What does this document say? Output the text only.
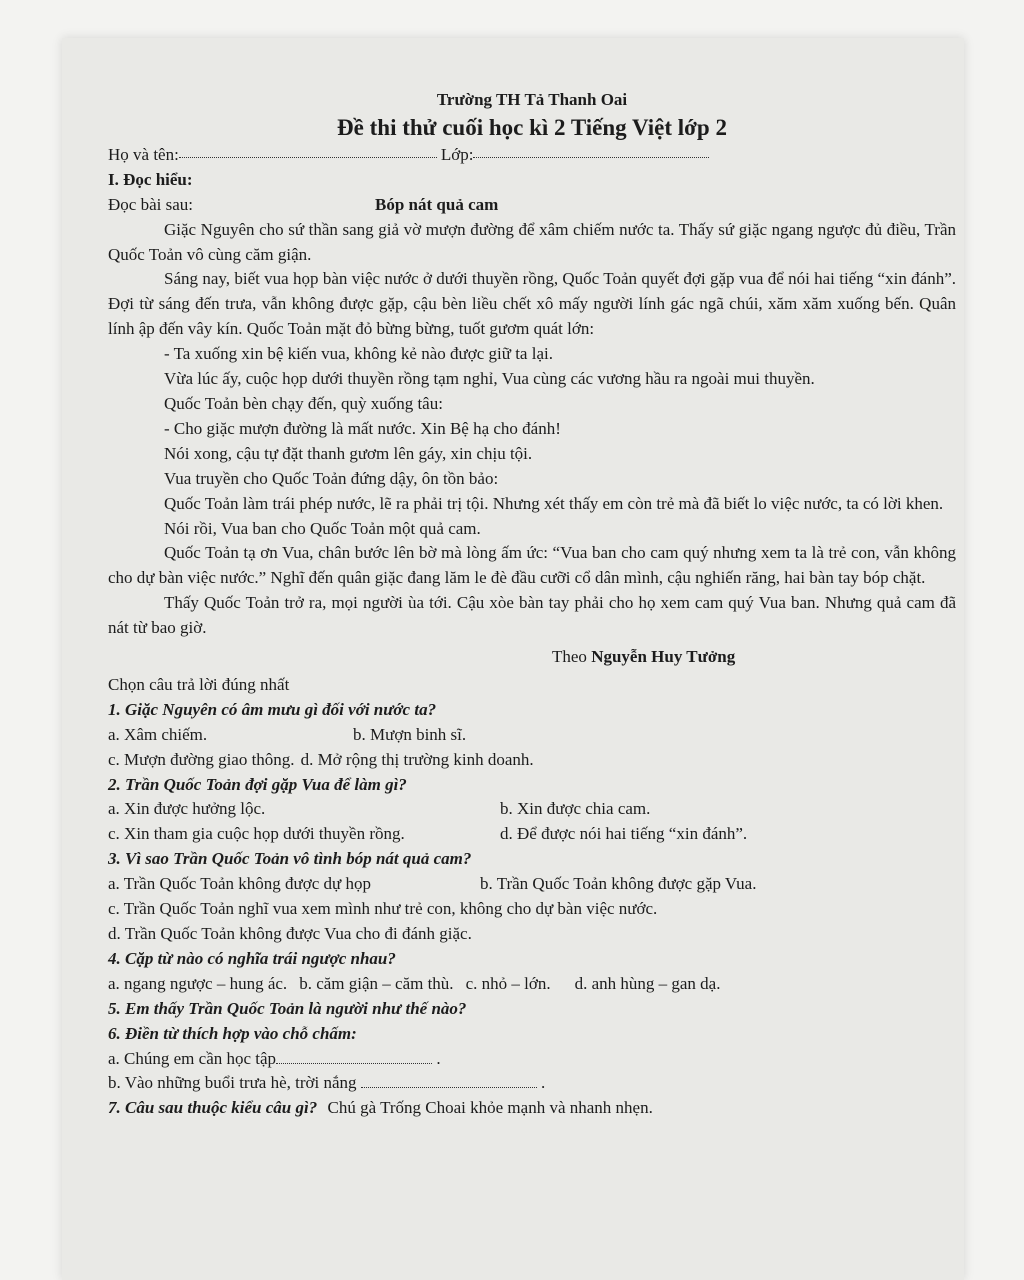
Trường TH Tả Thanh Oai
Đề thi thử cuối học kì 2 Tiếng Việt lớp 2
Họ và tên:	Lớp:
I. Đọc hiểu:
Đọc bài sau:	Bóp nát quả cam
Giặc Nguyên cho sứ thần sang giả vờ mượn đường để xâm chiếm nước ta. Thấy sứ giặc ngang ngược đủ điều, Trần Quốc Toản vô cùng căm giận.
Sáng nay, biết vua họp bàn việc nước ở dưới thuyền rồng, Quốc Toản quyết đợi gặp vua để nói hai tiếng “xin đánh”. Đợi từ sáng đến trưa, vẫn không được gặp, cậu bèn liều chết xô mấy người lính gác ngã chúi, xăm xăm xuống bến. Quân lính ập đến vây kín. Quốc Toản mặt đỏ bừng bừng, tuốt gươm quát lớn:
- Ta xuống xin bệ kiến vua, không kẻ nào được giữ ta lại.
Vừa lúc ấy, cuộc họp dưới thuyền rồng tạm nghỉ, Vua cùng các vương hầu ra ngoài mui thuyền.
Quốc Toản bèn chạy đến, quỳ xuống tâu:
- Cho giặc mượn đường là mất nước. Xin Bệ hạ cho đánh!
Nói xong, cậu tự đặt thanh gươm lên gáy, xin chịu tội.
Vua truyền cho Quốc Toản đứng dậy, ôn tồn bảo:
Quốc Toản làm trái phép nước, lẽ ra phải trị tội. Nhưng xét thấy em còn trẻ mà đã biết lo việc nước, ta có lời khen.
Nói rồi, Vua ban cho Quốc Toản một quả cam.
Quốc Toản tạ ơn Vua, chân bước lên bờ mà lòng ấm ức: “Vua ban cho cam quý nhưng xem ta là trẻ con, vẫn không cho dự bàn việc nước.” Nghĩ đến quân giặc đang lăm le đè đầu cưỡi cổ dân mình, cậu nghiến răng, hai bàn tay bóp chặt.
Thấy Quốc Toản trở ra, mọi người ùa tới. Cậu xòe bàn tay phải cho họ xem cam quý Vua ban. Nhưng quả cam đã nát từ bao giờ.
Theo Nguyễn Huy Tưởng
Chọn câu trả lời đúng nhất
1. Giặc Nguyên có âm mưu gì đối với nước ta?
a. Xâm chiếm.	b. Mượn binh sĩ.
c. Mượn đường giao thông. d. Mở rộng thị trường kinh doanh.
2. Trần Quốc Toản đợi gặp Vua để làm gì?
a. Xin được hưởng lộc.	b. Xin được chia cam.
c. Xin tham gia cuộc họp dưới thuyền rồng.	d. Để được nói hai tiếng “xin đánh”.
3. Vì sao Trần Quốc Toản vô tình bóp nát quả cam?
a. Trần Quốc Toản không được dự họp	b. Trần Quốc Toản không được gặp Vua.
c. Trần Quốc Toản nghĩ vua xem mình như trẻ con, không cho dự bàn việc nước.
d. Trần Quốc Toản không được Vua cho đi đánh giặc.
4. Cặp từ nào có nghĩa trái ngược nhau?
a. ngang ngược – hung ác. b. căm giận – căm thù. c. nhỏ – lớn. d. anh hùng – gan dạ.
5. Em thấy Trần Quốc Toản là người như thế nào?
6. Điền từ thích hợp vào chỗ chấm:
a. Chúng em cần học tập	.
b. Vào những buổi trưa hè, trời nắng	.
7. Câu sau thuộc kiểu câu gì? Chú gà Trống Choai khỏe mạnh và nhanh nhẹn.
